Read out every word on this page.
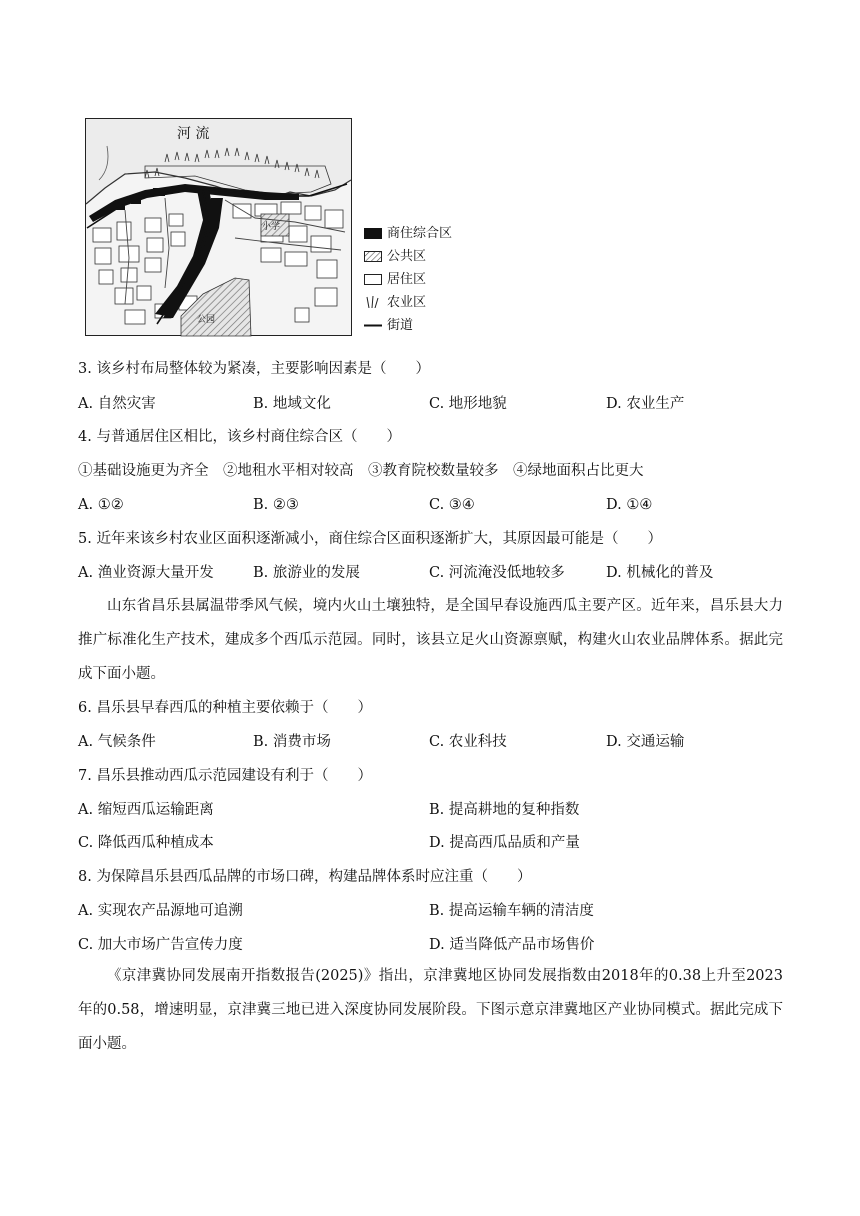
河 流
小学
公园
商住综合区
公共区
居住区
农业区
街道
3. 该乡村布局整体较为紧凑，主要影响因素是（　　）
A. 自然灾害	B. 地域文化	C. 地形地貌	D. 农业生产
4. 与普通居住区相比，该乡村商住综合区（　　）
①基础设施更为齐全　②地租水平相对较高　③教育院校数量较多　④绿地面积占比更大
A. ①②	B. ②③	C. ③④	D. ①④
5. 近年来该乡村农业区面积逐渐减小，商住综合区面积逐渐扩大，其原因最可能是（　　）
A. 渔业资源大量开发	B. 旅游业的发展	C. 河流淹没低地较多	D. 机械化的普及
山东省昌乐县属温带季风气候，境内火山土壤独特，是全国早春设施西瓜主要产区。近年来，昌乐县大力推广标准化生产技术，建成多个西瓜示范园。同时，该县立足火山资源禀赋，构建火山农业品牌体系。据此完成下面小题。
6. 昌乐县早春西瓜的种植主要依赖于（　　）
A. 气候条件	B. 消费市场	C. 农业科技	D. 交通运输
7. 昌乐县推动西瓜示范园建设有利于（　　）
A. 缩短西瓜运输距离	B. 提高耕地的复种指数
C. 降低西瓜种植成本	D. 提高西瓜品质和产量
8. 为保障昌乐县西瓜品牌的市场口碑，构建品牌体系时应注重（　　）
A. 实现农产品源地可追溯	B. 提高运输车辆的清洁度
C. 加大市场广告宣传力度	D. 适当降低产品市场售价
《京津冀协同发展南开指数报告(2025)》指出，京津冀地区协同发展指数由2018年的0.38上升至2023年的0.58，增速明显，京津冀三地已进入深度协同发展阶段。下图示意京津冀地区产业协同模式。据此完成下面小题。
